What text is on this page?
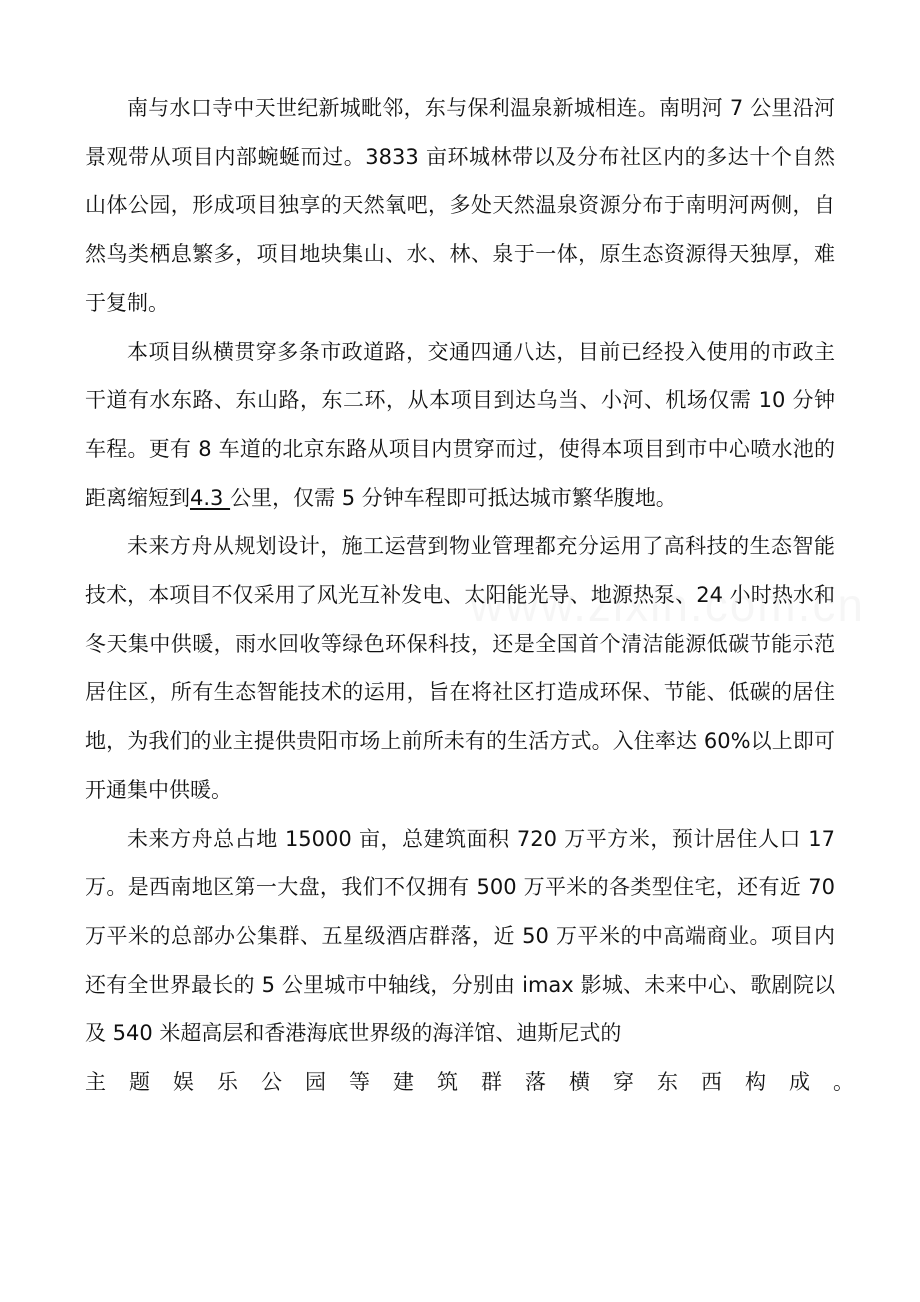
南与水口寺中天世纪新城毗邻，东与保利温泉新城相连。南明河 7 公里沿河景观带从项目内部蜿蜒而过。3833 亩环城林带以及分布社区内的多达十个自然山体公园，形成项目独享的天然氧吧，多处天然温泉资源分布于南明河两侧，自然鸟类栖息繁多，项目地块集山、水、林、泉于一体，原生态资源得天独厚，难于复制。

本项目纵横贯穿多条市政道路，交通四通八达，目前已经投入使用的市政主干道有水东路、东山路，东二环，从本项目到达乌当、小河、机场仅需 10 分钟车程。更有 8 车道的北京东路从项目内贯穿而过，使得本项目到市中心喷水池的距离缩短到4.3 公里，仅需 5 分钟车程即可抵达城市繁华腹地。

未来方舟从规划设计，施工运营到物业管理都充分运用了高科技的生态智能技术，本项目不仅采用了风光互补发电、太阳能光导、地源热泵、24 小时热水和冬天集中供暖，雨水回收等绿色环保科技，还是全国首个清洁能源低碳节能示范居住区，所有生态智能技术的运用，旨在将社区打造成环保、节能、低碳的居住地，为我们的业主提供贵阳市场上前所未有的生活方式。入住率达 60%以上即可开通集中供暖。

未来方舟总占地 15000 亩，总建筑面积 720 万平方米，预计居住人口 17 万。是西南地区第一大盘，我们不仅拥有 500 万平米的各类型住宅，还有近 70 万平米的总部办公集群、五星级酒店群落，近 50 万平米的中高端商业。项目内还有全世界最长的 5 公里城市中轴线，分别由 imax 影城、未来中心、歌剧院以及 540 米超高层和香港海底世界级的海洋馆、迪斯尼式的

主题娱乐公园等建筑群落横穿东西构成。
